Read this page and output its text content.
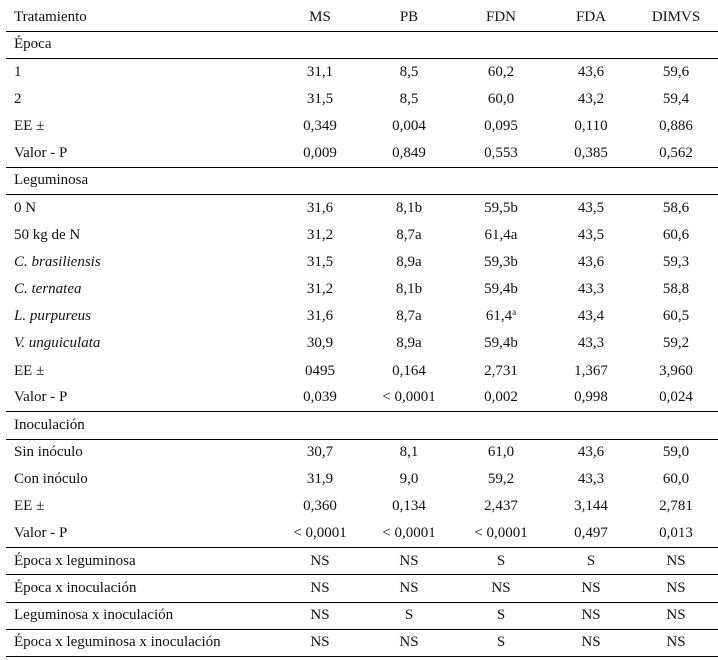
Tratamiento	MS	PB	FDN	FDA	DIMVS
Época					
1	31,1	8,5	60,2	43,6	59,6
2	31,5	8,5	60,0	43,2	59,4
EE ±	0,349	0,004	0,095	0,110	0,886
Valor - P	0,009	0,849	0,553	0,385	0,562
Leguminosa					
0 N	31,6	8,1b	59,5b	43,5	58,6
50 kg de N	31,2	8,7a	61,4a	43,5	60,6
C. brasiliensis	31,5	8,9a	59,3b	43,6	59,3
C. ternatea	31,2	8,1b	59,4b	43,3	58,8
L. purpureus	31,6	8,7a	61,4$^a$	43,4	60,5
V. unguiculata	30,9	8,9a	59,4b	43,3	59,2
EE ±	0495	0,164	2,731	1,367	3,960
Valor - P	0,039	< 0,0001	0,002	0,998	0,024
Inoculación					
Sin inóculo	30,7	8,1	61,0	43,6	59,0
Con inóculo	31,9	9,0	59,2	43,3	60,0
EE ±	0,360	0,134	2,437	3,144	2,781
Valor - P	< 0,0001	< 0,0001	< 0,0001	0,497	0,013
Época x leguminosa	NS	NS	S	S	NS
Época x inoculación	NS	NS	NS	NS	NS
Leguminosa x inoculación	NS	S	S	NS	NS
Época x leguminosa x inoculación	NS	NS	S	NS	NS
